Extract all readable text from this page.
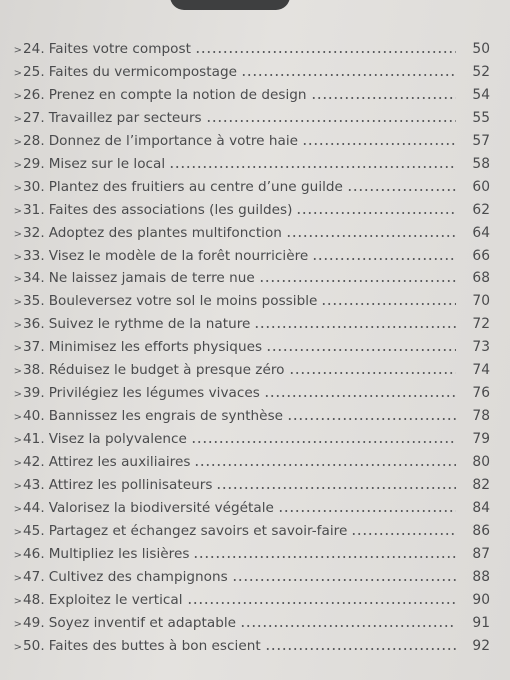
> 24. Faites votre compost	50
> 25. Faites du vermicompostage	52
> 26. Prenez en compte la notion de design	54
> 27. Travaillez par secteurs	55
> 28. Donnez de l’importance à votre haie	57
> 29. Misez sur le local	58
> 30. Plantez des fruitiers au centre d’une guilde	60
> 31. Faites des associations (les guildes)	62
> 32. Adoptez des plantes multifonction	64
> 33. Visez le modèle de la forêt nourricière	66
> 34. Ne laissez jamais de terre nue	68
> 35. Bouleversez votre sol le moins possible	70
> 36. Suivez le rythme de la nature	72
> 37. Minimisez les efforts physiques	73
> 38. Réduisez le budget à presque zéro	74
> 39. Privilégiez les légumes vivaces	76
> 40. Bannissez les engrais de synthèse	78
> 41. Visez la polyvalence	79
> 42. Attirez les auxiliaires	80
> 43. Attirez les pollinisateurs	82
> 44. Valorisez la biodiversité végétale	84
> 45. Partagez et échangez savoirs et savoir-faire	86
> 46. Multipliez les lisières	87
> 47. Cultivez des champignons	88
> 48. Exploitez le vertical	90
> 49. Soyez inventif et adaptable	91
> 50. Faites des buttes à bon escient	92
